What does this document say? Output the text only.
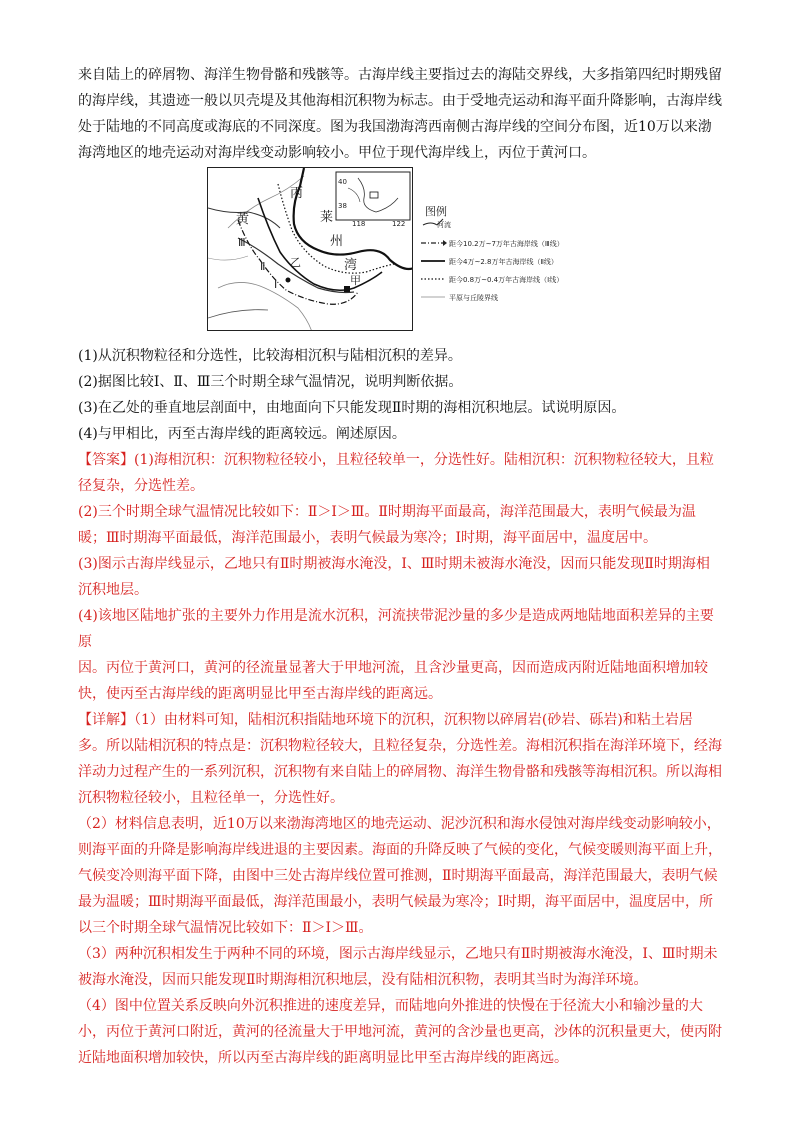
来自陆上的碎屑物、海洋生物骨骼和残骸等。古海岸线主要指过去的海陆交界线，大多指第四纪时期残留

的海岸线，其遗迹一般以贝壳堤及其他海相沉积物为标志。由于受地壳运动和海平面升降影响，古海岸线

处于陆地的不同高度或海底的不同深度。图为我国渤海湾西南侧古海岸线的空间分布图，近10万以来渤

海湾地区的地壳运动对海岸线变动影响较小。甲位于现代海岸线上，丙位于黄河口。

丙
黄	莱
州
湾
甲
乙
Ⅲ
Ⅱ
Ⅰ
40
38
118	122
图例
河流
距今10.2万~7万年古海岸线（Ⅲ线）
距今4万~2.8万年古海岸线（Ⅱ线）
距今0.8万~0.4万年古海岸线（Ⅰ线）
平原与丘陵界线

(1)从沉积物粒径和分选性，比较海相沉积与陆相沉积的差异。

(2)据图比较Ⅰ、Ⅱ、Ⅲ三个时期全球气温情况，说明判断依据。

(3)在乙处的垂直地层剖面中，由地面向下只能发现Ⅱ时期的海相沉积地层。试说明原因。

(4)与甲相比，丙至古海岸线的距离较远。阐述原因。

【答案】(1)海相沉积：沉积物粒径较小，且粒径较单一，分选性好。陆相沉积：沉积物粒径较大，且粒

径复杂，分选性差。

(2)三个时期全球气温情况比较如下：Ⅱ＞Ⅰ＞Ⅲ。Ⅱ时期海平面最高，海洋范围最大，表明气候最为温

暖；Ⅲ时期海平面最低，海洋范围最小，表明气候最为寒冷；I时期，海平面居中，温度居中。

(3)图示古海岸线显示，乙地只有Ⅱ时期被海水淹没，I、Ⅲ时期未被海水淹没，因而只能发现Ⅱ时期海相

沉积地层。

(4)该地区陆地扩张的主要外力作用是流水沉积，河流挟带泥沙量的多少是造成两地陆地面积差异的主要

原

因。丙位于黄河口，黄河的径流量显著大于甲地河流，且含沙量更高，因而造成丙附近陆地面积增加较

快，使丙至古海岸线的距离明显比甲至古海岸线的距离远。

【详解】（1）由材料可知，陆相沉积指陆地环境下的沉积，沉积物以碎屑岩(砂岩、砾岩)和粘土岩居

多。所以陆相沉积的特点是：沉积物粒径较大，且粒径复杂，分选性差。海相沉积指在海洋环境下，经海

洋动力过程产生的一系列沉积，沉积物有来自陆上的碎屑物、海洋生物骨骼和残骸等海相沉积。所以海相

沉积物粒径较小，且粒径单一，分选性好。

（2）材料信息表明，近10万以来渤海湾地区的地壳运动、泥沙沉积和海水侵蚀对海岸线变动影响较小，

则海平面的升降是影响海岸线进退的主要因素。海面的升降反映了气候的变化，气候变暖则海平面上升，

气候变冷则海平面下降，由图中三处古海岸线位置可推测，Ⅱ时期海平面最高，海洋范围最大，表明气候

最为温暖；Ⅲ时期海平面最低，海洋范围最小，表明气候最为寒冷；I时期，海平面居中，温度居中，所

以三个时期全球气温情况比较如下：Ⅱ＞Ⅰ＞Ⅲ。

（3）两种沉积相发生于两种不同的环境，图示古海岸线显示，乙地只有Ⅱ时期被海水淹没，I、Ⅲ时期未

被海水淹没，因而只能发现Ⅱ时期海相沉积地层，没有陆相沉积物，表明其当时为海洋环境。

（4）图中位置关系反映向外沉积推进的速度差异，而陆地向外推进的快慢在于径流大小和输沙量的大

小，丙位于黄河口附近，黄河的径流量大于甲地河流，黄河的含沙量也更高，沙体的沉积量更大，使丙附

近陆地面积增加较快，所以丙至古海岸线的距离明显比甲至古海岸线的距离远。
